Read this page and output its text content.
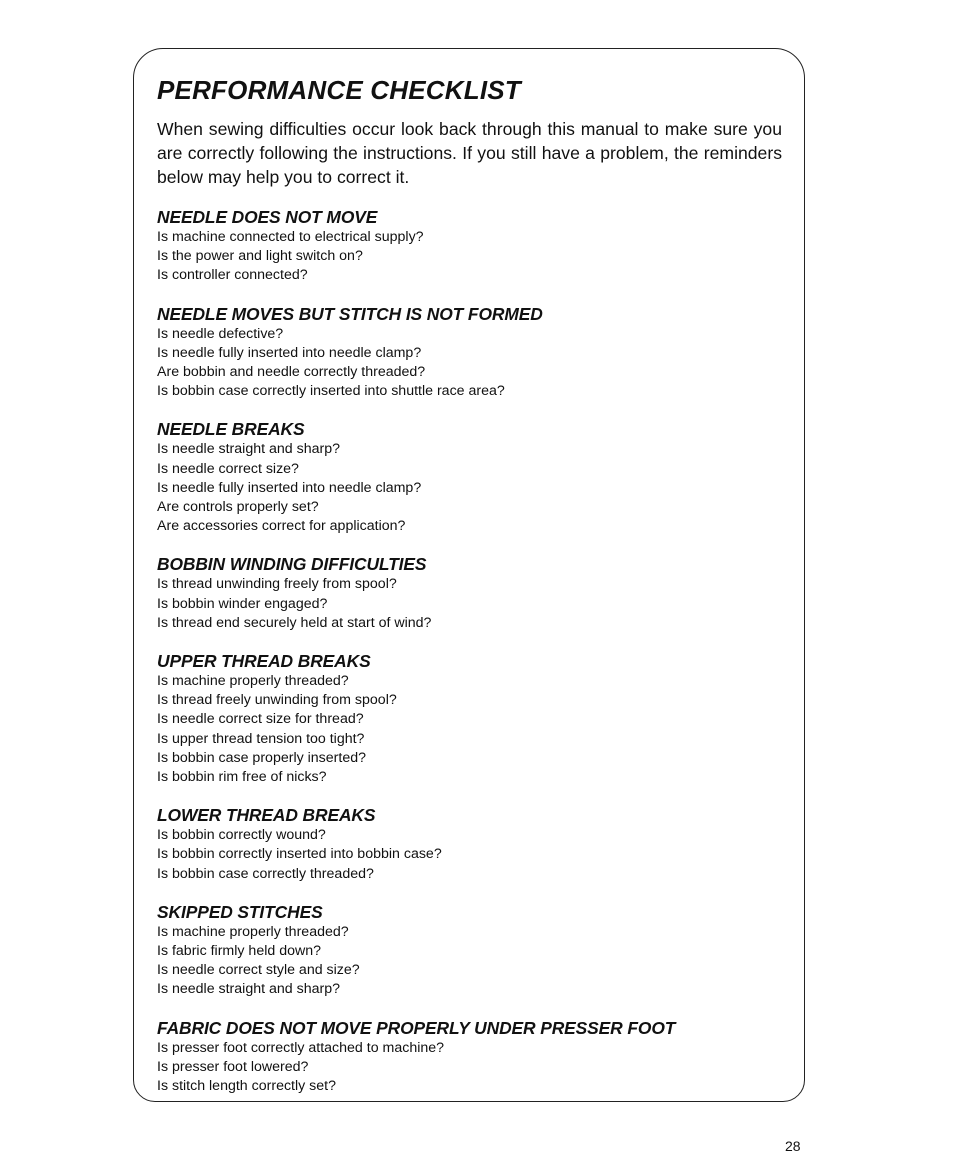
PERFORMANCE CHECKLIST

When sewing difficulties occur look back through this manual to make sure you are correctly following the instructions. If you still have a problem, the reminders below may help you to correct it.

NEEDLE DOES NOT MOVE

Is machine connected to electrical supply?

Is the power and light switch on?

Is controller connected?

NEEDLE MOVES BUT STITCH IS NOT FORMED

Is needle defective?

Is needle fully inserted into needle clamp?

Are bobbin and needle correctly threaded?

Is bobbin case correctly inserted into shuttle race area?

NEEDLE BREAKS

Is needle straight and sharp?

Is needle correct size?

Is needle fully inserted into needle clamp?

Are controls properly set?

Are accessories correct for application?

BOBBIN WINDING DIFFICULTIES

Is thread unwinding freely from spool?

Is bobbin winder engaged?

Is thread end securely held at start of wind?

UPPER THREAD BREAKS

Is machine properly threaded?

Is thread freely unwinding from spool?

Is needle correct size for thread?

Is upper thread tension too tight?

Is bobbin case properly inserted?

Is bobbin rim free of nicks?

LOWER THREAD BREAKS

Is bobbin correctly wound?

Is bobbin correctly inserted into bobbin case?

Is bobbin case correctly threaded?

SKIPPED STITCHES

Is machine properly threaded?

Is fabric firmly held down?

Is needle correct style and size?

Is needle straight and sharp?

FABRIC DOES NOT MOVE PROPERLY UNDER PRESSER FOOT

Is presser foot correctly attached to machine?

Is presser foot lowered?

Is stitch length correctly set?

28
